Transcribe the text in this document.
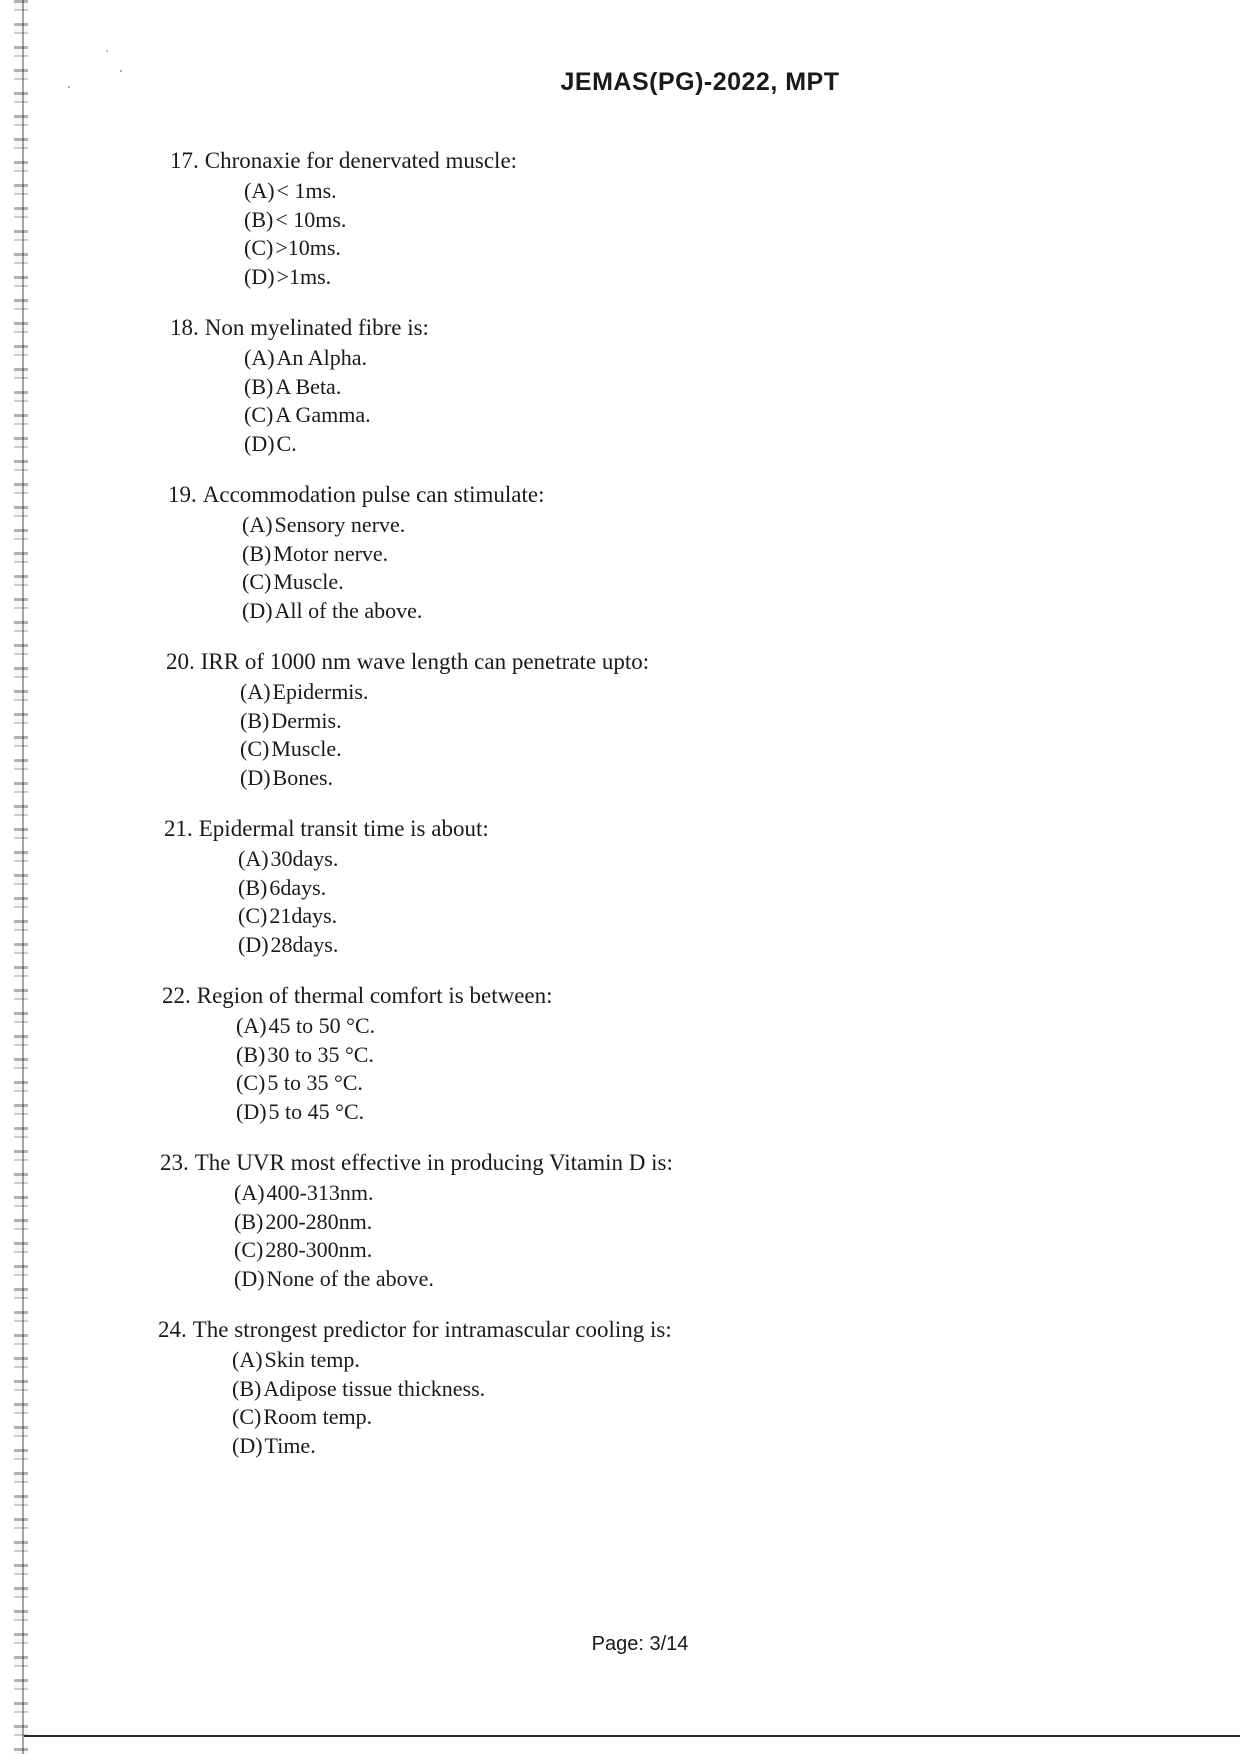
JEMAS(PG)-2022, MPT

17. Chronaxie for denervated muscle:

(A)< 1ms.
(B)< 10ms.
(C)>10ms.
(D)>1ms.

18. Non myelinated fibre is:

(A)An Alpha.
(B)A Beta.
(C)A Gamma.
(D)C.

19. Accommodation pulse can stimulate:

(A)Sensory nerve.
(B)Motor nerve.
(C)Muscle.
(D)All of the above.

20. IRR of 1000 nm wave length can penetrate upto:

(A)Epidermis.
(B)Dermis.
(C)Muscle.
(D)Bones.

21. Epidermal transit time is about:

(A)30days.
(B)6days.
(C)21days.
(D)28days.

22. Region of thermal comfort is between:

(A)45 to 50 °C.
(B)30 to 35 °C.
(C)5 to 35 °C.
(D)5 to 45 °C.

23. The UVR most effective in producing Vitamin D is:

(A)400-313nm.
(B)200-280nm.
(C)280-300nm.
(D)None of the above.

24. The strongest predictor for intramascular cooling is:

(A)Skin temp.
(B)Adipose tissue thickness.
(C)Room temp.
(D)Time.
Page: 3/14
